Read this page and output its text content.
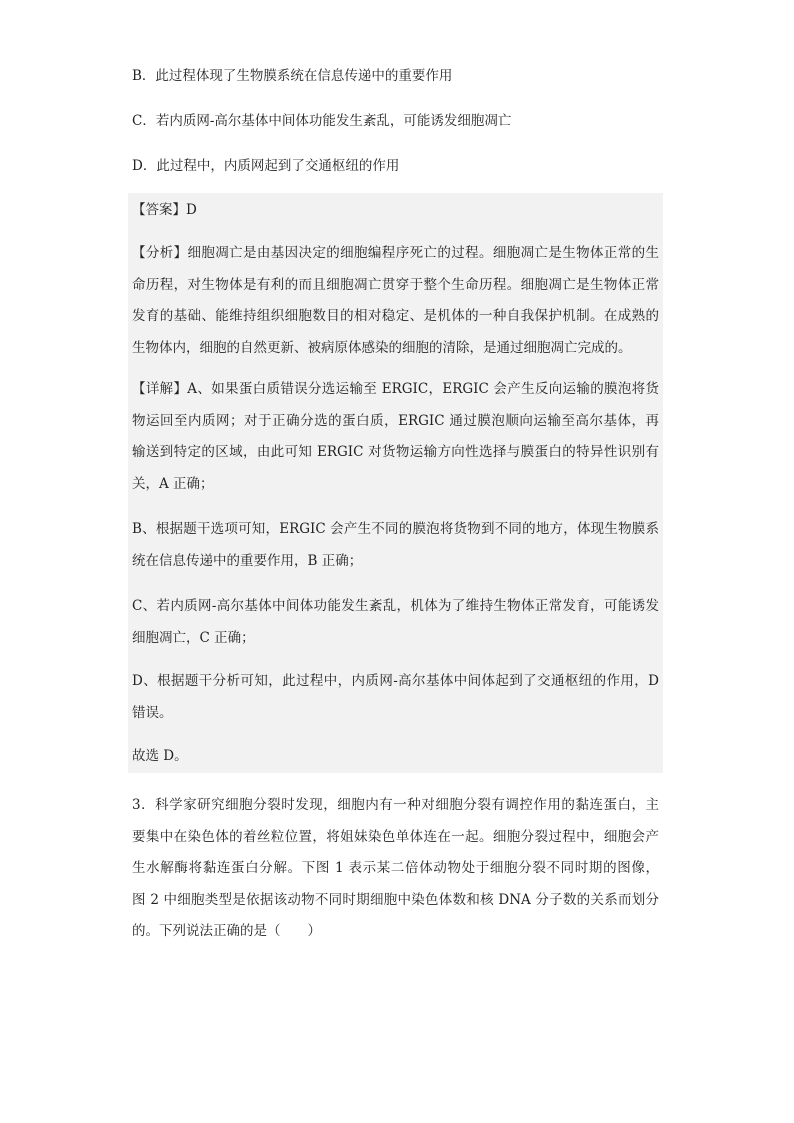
B．此过程体现了生物膜系统在信息传递中的重要作用
C．若内质网-高尔基体中间体功能发生紊乱，可能诱发细胞凋亡
D．此过程中，内质网起到了交通枢纽的作用
【答案】D
【分析】细胞凋亡是由基因决定的细胞编程序死亡的过程。细胞凋亡是生物体正常的生
命历程，对生物体是有利的而且细胞凋亡贯穿于整个生命历程。细胞凋亡是生物体正常
发育的基础、能维持组织细胞数目的相对稳定、是机体的一种自我保护机制。在成熟的
生物体内，细胞的自然更新、被病原体感染的细胞的清除，是通过细胞凋亡完成的。
【详解】A、如果蛋白质错误分选运输至 ERGIC，ERGIC 会产生反向运输的膜泡将货
物运回至内质网；对于正确分选的蛋白质，ERGIC 通过膜泡顺向运输至高尔基体，再
输送到特定的区域，由此可知 ERGIC 对货物运输方向性选择与膜蛋白的特异性识别有
关，A 正确；
B、根据题干选项可知，ERGIC 会产生不同的膜泡将货物到不同的地方，体现生物膜系
统在信息传递中的重要作用，B 正确；
C、若内质网-高尔基体中间体功能发生紊乱，机体为了维持生物体正常发育，可能诱发
细胞凋亡，C 正确；
D、根据题干分析可知，此过程中，内质网-高尔基体中间体起到了交通枢纽的作用，D
错误。
故选 D。
3．科学家研究细胞分裂时发现，细胞内有一种对细胞分裂有调控作用的黏连蛋白，主
要集中在染色体的着丝粒位置，将姐妹染色单体连在一起。细胞分裂过程中，细胞会产
生水解酶将黏连蛋白分解。下图 1 表示某二倍体动物处于细胞分裂不同时期的图像，
图 2 中细胞类型是依据该动物不同时期细胞中染色体数和核 DNA 分子数的关系而划分
的。下列说法正确的是（　　）
